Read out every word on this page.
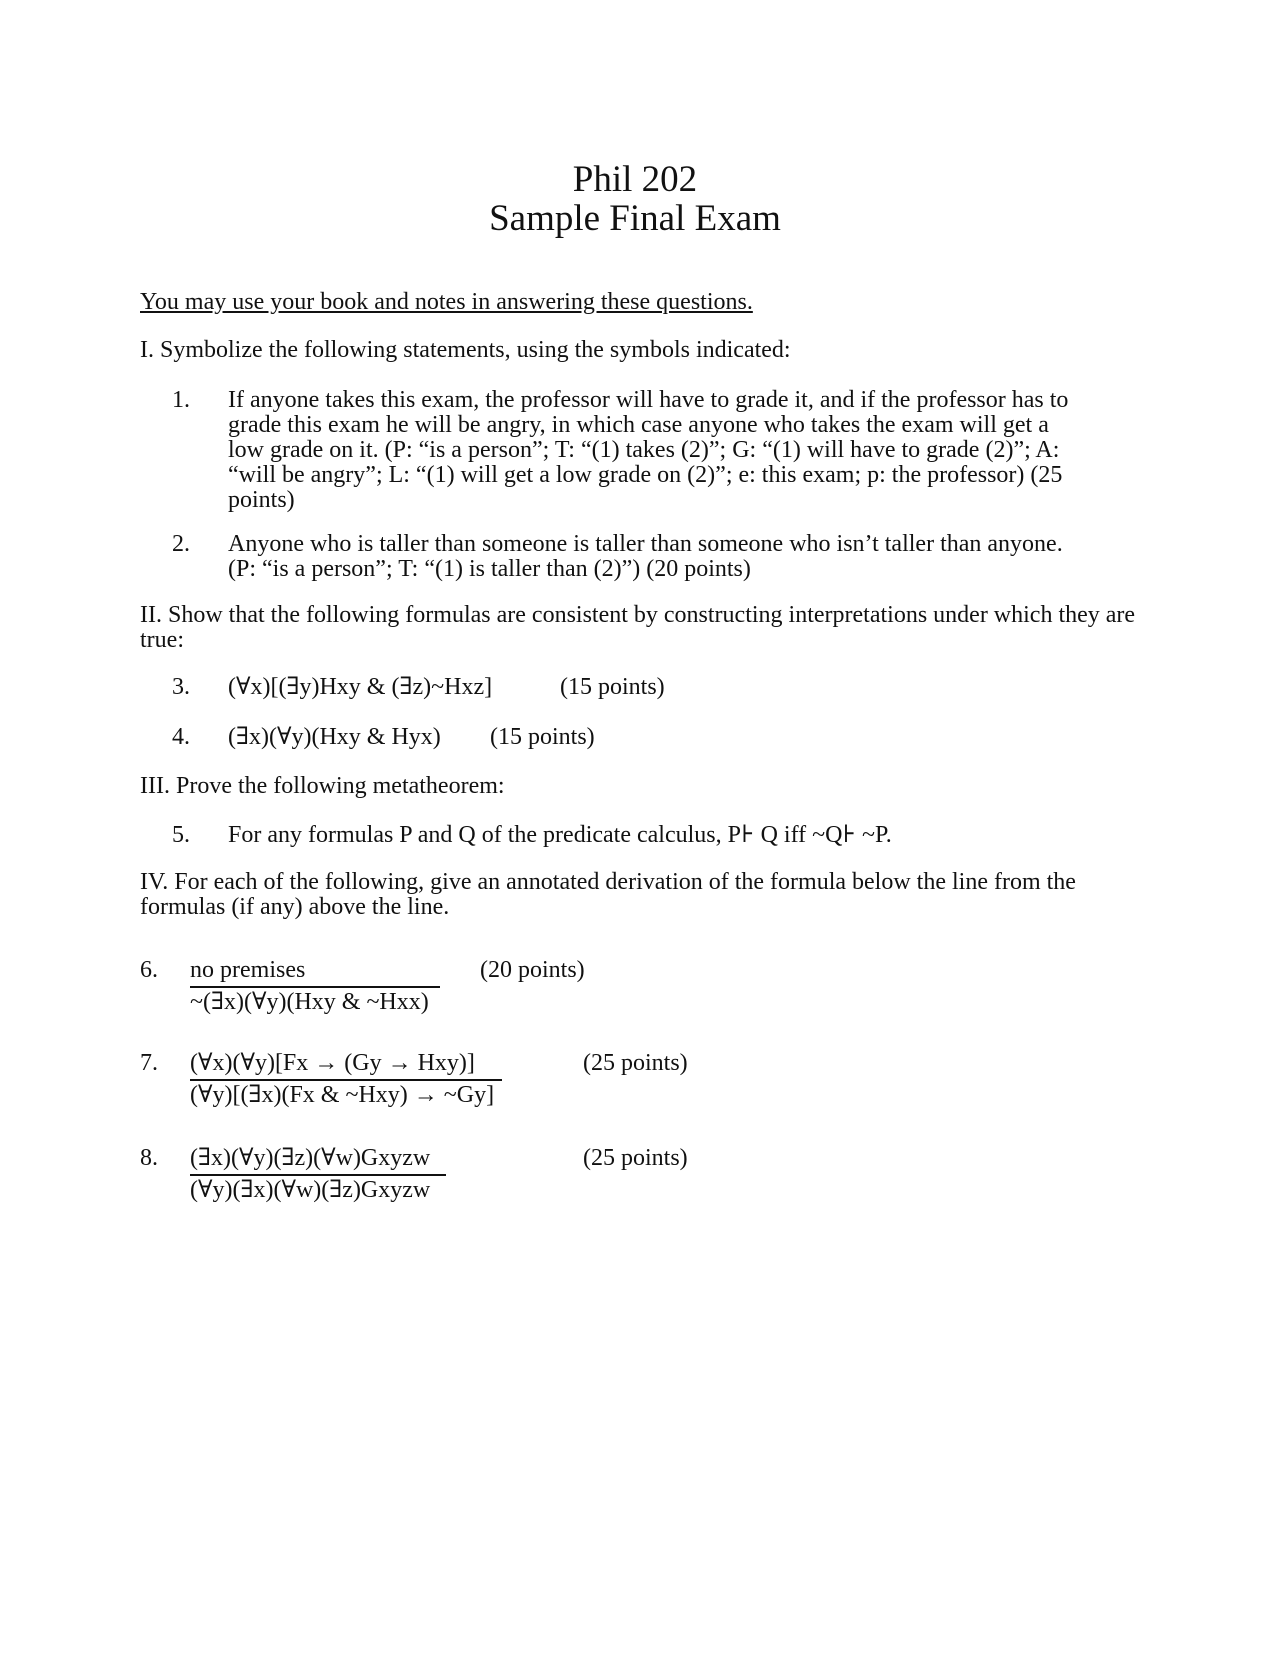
Phil 202
Sample Final Exam

You may use your book and notes in answering these questions.

I. Symbolize the following statements, using the symbols indicated:

1. If anyone takes this exam, the professor will have to grade it, and if the professor has to grade this exam he will be angry, in which case anyone who takes the exam will get a low grade on it. (P: “is a person”; T: “(1) takes (2)”; G: “(1) will have to grade (2)”; A: “will be angry”; L: “(1) will get a low grade on (2)”; e: this exam; p: the professor) (25 points)
2. Anyone who is taller than someone is taller than someone who isn’t taller than anyone. (P: “is a person”; T: “(1) is taller than (2)”) (20 points)

II. Show that the following formulas are consistent by constructing interpretations under which they are true:

3. (∀x)[(∃y)Hxy & (∃z)~Hxz]	(15 points)
4. (∃x)(∀y)(Hxy & Hyx) (15 points)

III. Prove the following metatheorem:

5. For any formulas P and Q of the predicate calculus, P⊦ Q iff ~Q⊦ ~P.

IV. For each of the following, give an annotated derivation of the formula below the line from the formulas (if any) above the line.

6. no premises
~(∃x)(∀y)(Hxy & ~Hxx)
(20 points)
7. (∀x)(∀y)[Fx → (Gy → Hxy)]
(∀y)[(∃x)(Fx & ~Hxy) → ~Gy]
(25 points)
8. (∃x)(∀y)(∃z)(∀w)Gxyzw
(∀y)(∃x)(∀w)(∃z)Gxyzw
(25 points)
